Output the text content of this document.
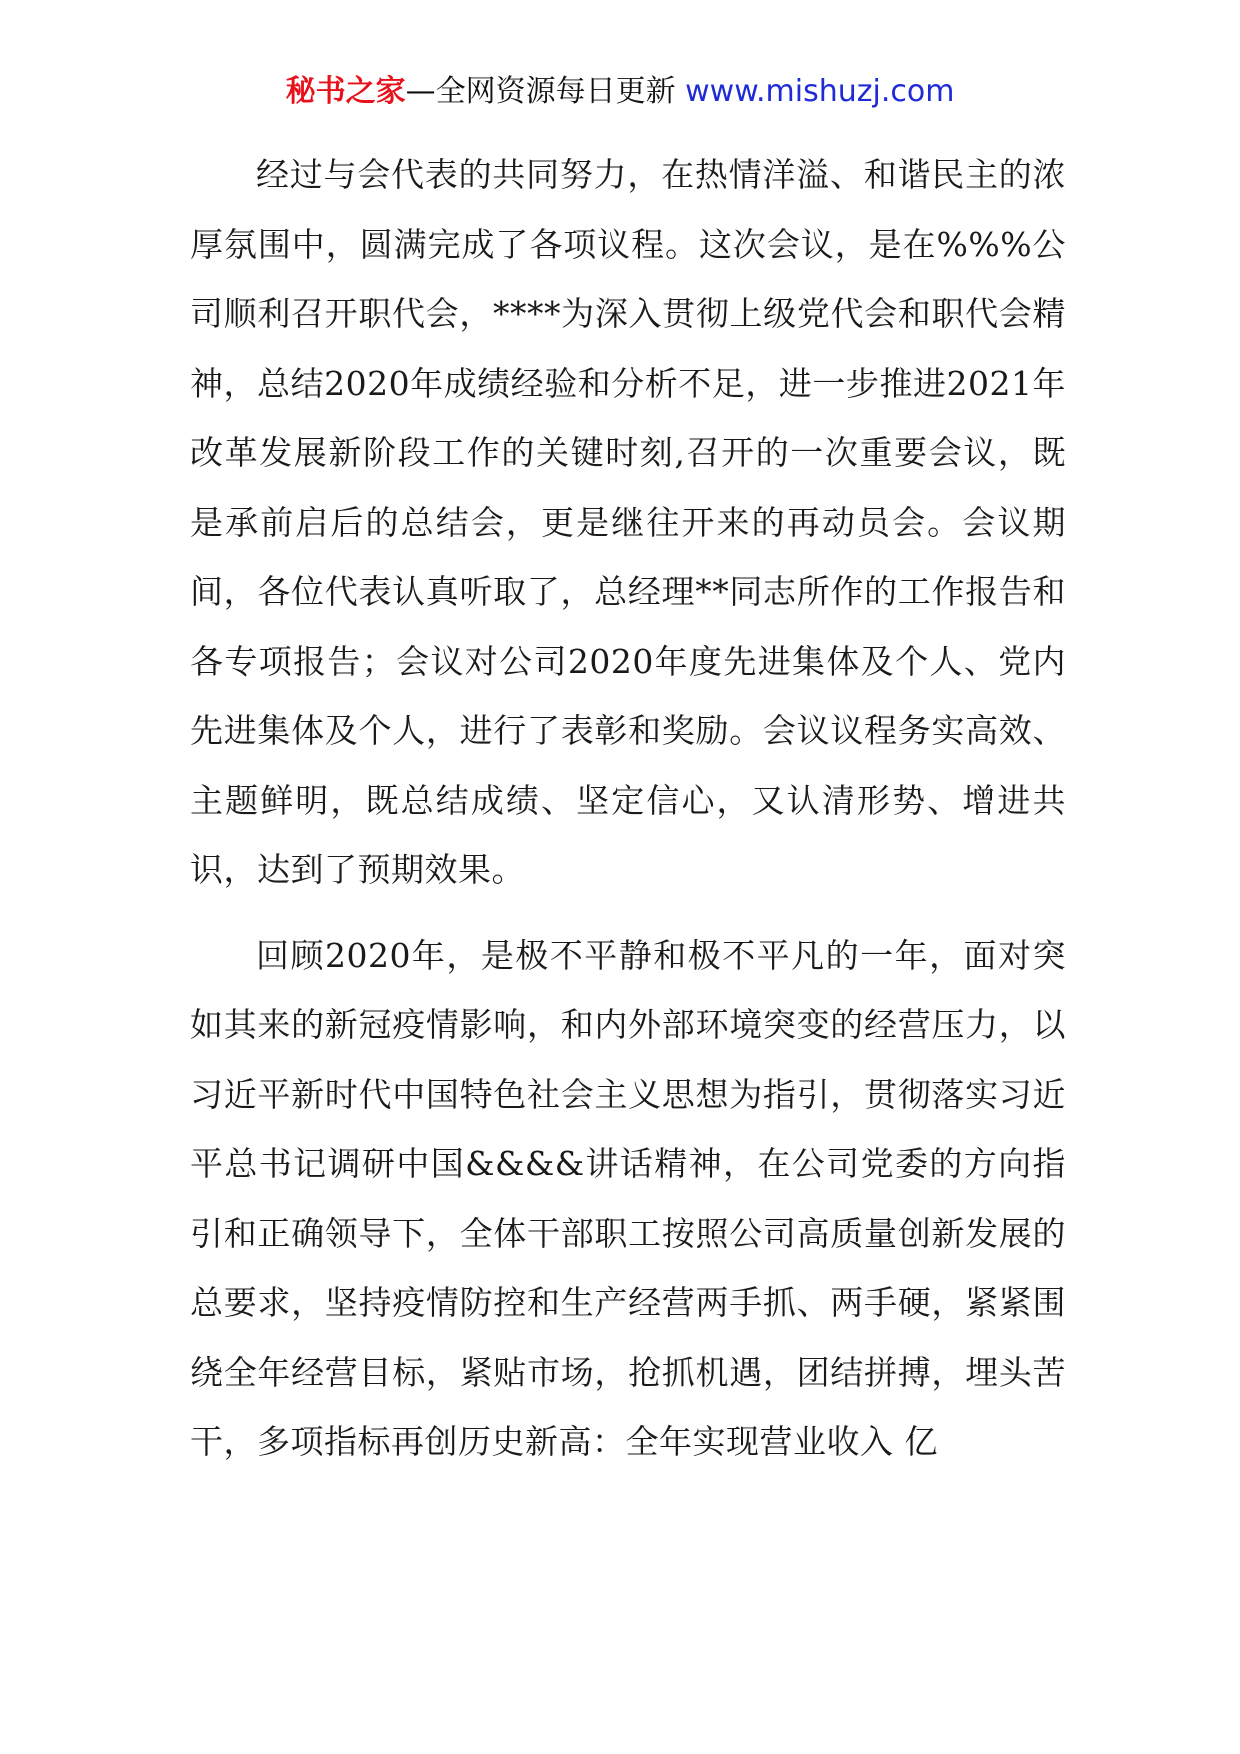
秘书之家—全网资源每日更新 www.mishuzj.com

经过与会代表的共同努力，在热情洋溢、和谐民主的浓厚氛围中，圆满完成了各项议程。这次会议，是在%%%公司顺利召开职代会，****为深入贯彻上级党代会和职代会精神，总结2020年成绩经验和分析不足，进一步推进2021年改革发展新阶段工作的关键时刻,召开的一次重要会议，既是承前启后的总结会，更是继往开来的再动员会。会议期间，各位代表认真听取了，总经理**同志所作的工作报告和各专项报告；会议对公司2020年度先进集体及个人、党内先进集体及个人，进行了表彰和奖励。会议议程务实高效、主题鲜明，既总结成绩、坚定信心，又认清形势、增进共识，达到了预期效果。

回顾2020年，是极不平静和极不平凡的一年，面对突如其来的新冠疫情影响，和内外部环境突变的经营压力，以习近平新时代中国特色社会主义思想为指引，贯彻落实习近平总书记调研中国&&&&讲话精神，在公司党委的方向指引和正确领导下，全体干部职工按照公司高质量创新发展的总要求，坚持疫情防控和生产经营两手抓、两手硬，紧紧围绕全年经营目标，紧贴市场，抢抓机遇，团结拼搏，埋头苦干，多项指标再创历史新高：全年实现营业收入 亿
